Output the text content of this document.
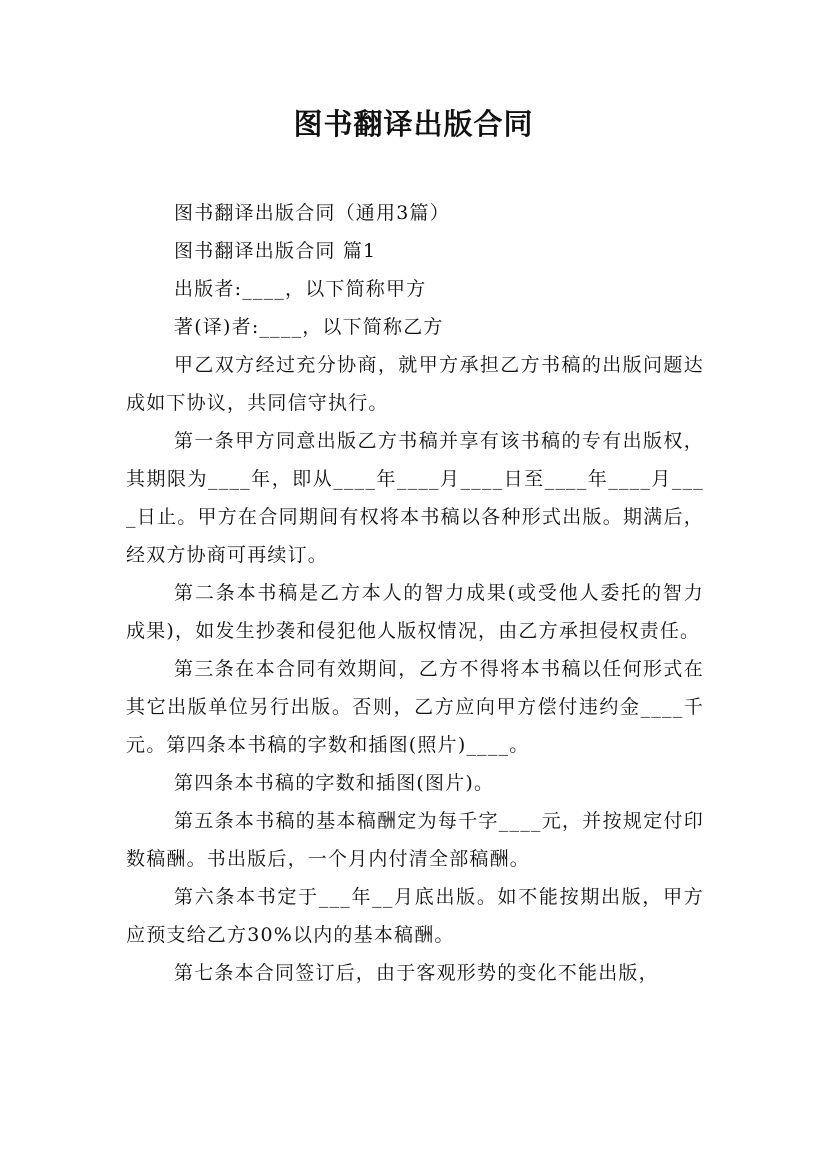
图书翻译出版合同

图书翻译出版合同（通用3篇）

图书翻译出版合同 篇1

出版者:____，以下简称甲方

著(译)者:____，以下简称乙方

甲乙双方经过充分协商，就甲方承担乙方书稿的出版问题达成如下协议，共同信守执行。

第一条甲方同意出版乙方书稿并享有该书稿的专有出版权，其期限为____年，即从____年____月____日至____年____月____日止。甲方在合同期间有权将本书稿以各种形式出版。期满后，经双方协商可再续订。

第二条本书稿是乙方本人的智力成果(或受他人委托的智力成果)，如发生抄袭和侵犯他人版权情况，由乙方承担侵权责任。

第三条在本合同有效期间，乙方不得将本书稿以任何形式在其它出版单位另行出版。否则，乙方应向甲方偿付违约金____千元。第四条本书稿的字数和插图(照片)____。

第四条本书稿的字数和插图(图片)。

第五条本书稿的基本稿酬定为每千字____元，并按规定付印数稿酬。书出版后，一个月内付清全部稿酬。

第六条本书定于___年__月底出版。如不能按期出版，甲方应预支给乙方30%以内的基本稿酬。

第七条本合同签订后，由于客观形势的变化不能出版，
